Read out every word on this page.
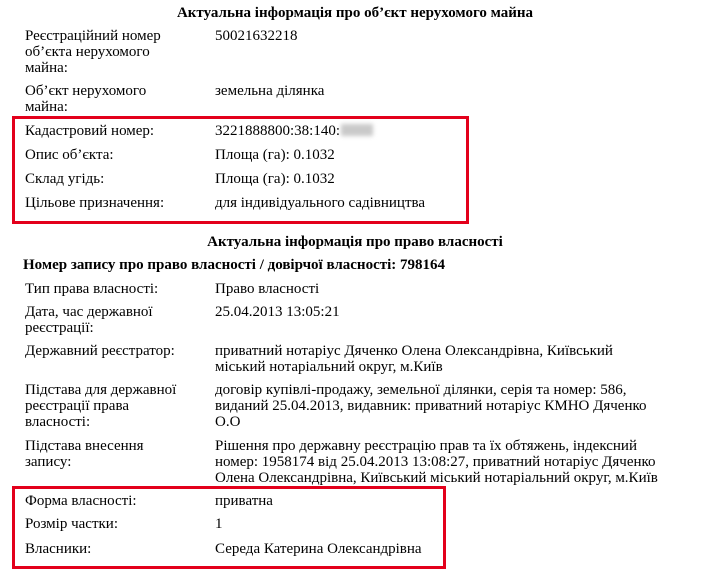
Актуальна інформація про об’єкт нерухомого майна
Реєстраційний номер
об’єкта нерухомого
майна:
50021632218
Об’єкт нерухомого
майна:
земельна ділянка
Кадастровий номер:	3221888800:38:140:
Опис об’єкта:	Площа (га): 0.1032
Склад угідь:	Площа (га): 0.1032
Цільове призначення:	для індивідуального садівництва
Актуальна інформація про право власності
Номер запису про право власності / довірчої власності: 798164
Тип права власності:	Право власності
Дата, час державної
реєстрації:
25.04.2013 13:05:21
Державний реєстратор:	приватний нотаріус Дяченко Олена Олександрівна, Київський
міський нотаріальний округ, м.Київ
Підстава для державної
реєстрації права
власності:
договір купівлі-продажу, земельної ділянки, серія та номер: 586,
виданий 25.04.2013, видавник: приватний нотаріус КМНО Дяченко
О.О
Підстава внесення
запису:
Рішення про державну реєстрацію прав та їх обтяжень, індексний
номер: 1958174 від 25.04.2013 13:08:27, приватний нотаріус Дяченко
Олена Олександрівна, Київський міський нотаріальний округ, м.Київ
Форма власності:	приватна
Розмір частки:	1
Власники:	Середа Катерина Олександрівна
